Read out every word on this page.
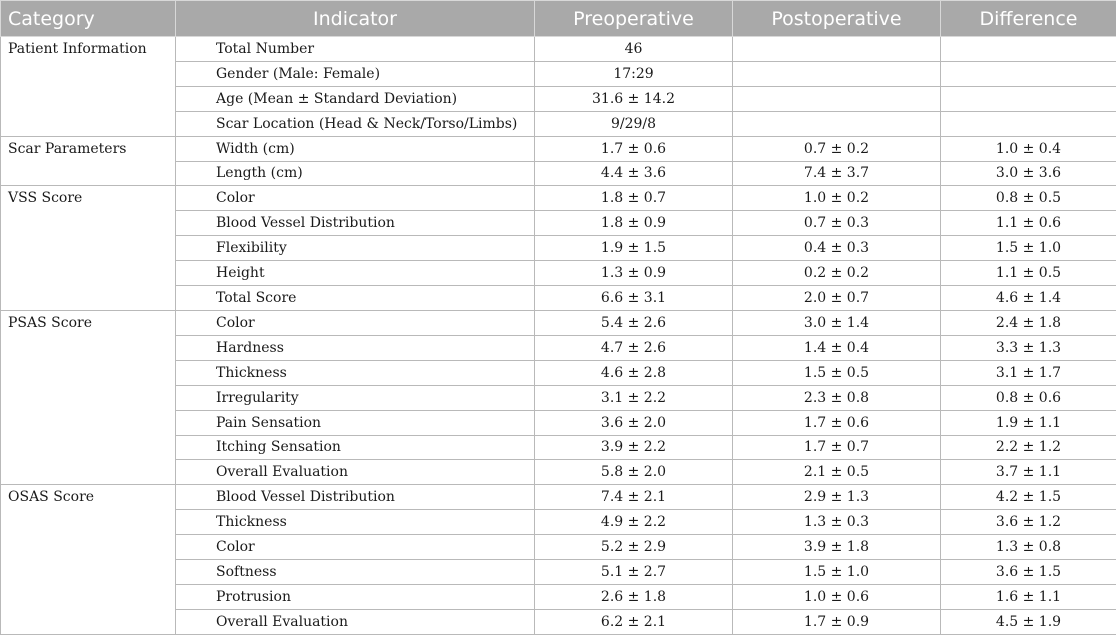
Category	Indicator	Preoperative	Postoperative	Difference
Patient Information	Total Number	46		
	Gender (Male: Female)	17:29		
	Age (Mean ± Standard Deviation)	31.6 ± 14.2		
	Scar Location (Head & Neck/Torso/Limbs)	9/29/8		
Scar Parameters	Width (cm)	1.7 ± 0.6	0.7 ± 0.2	1.0 ± 0.4
	Length (cm)	4.4 ± 3.6	7.4 ± 3.7	3.0 ± 3.6
VSS Score	Color	1.8 ± 0.7	1.0 ± 0.2	0.8 ± 0.5
	Blood Vessel Distribution	1.8 ± 0.9	0.7 ± 0.3	1.1 ± 0.6
	Flexibility	1.9 ± 1.5	0.4 ± 0.3	1.5 ± 1.0
	Height	1.3 ± 0.9	0.2 ± 0.2	1.1 ± 0.5
	Total Score	6.6 ± 3.1	2.0 ± 0.7	4.6 ± 1.4
PSAS Score	Color	5.4 ± 2.6	3.0 ± 1.4	2.4 ± 1.8
	Hardness	4.7 ± 2.6	1.4 ± 0.4	3.3 ± 1.3
	Thickness	4.6 ± 2.8	1.5 ± 0.5	3.1 ± 1.7
	Irregularity	3.1 ± 2.2	2.3 ± 0.8	0.8 ± 0.6
	Pain Sensation	3.6 ± 2.0	1.7 ± 0.6	1.9 ± 1.1
	Itching Sensation	3.9 ± 2.2	1.7 ± 0.7	2.2 ± 1.2
	Overall Evaluation	5.8 ± 2.0	2.1 ± 0.5	3.7 ± 1.1
OSAS Score	Blood Vessel Distribution	7.4 ± 2.1	2.9 ± 1.3	4.2 ± 1.5
	Thickness	4.9 ± 2.2	1.3 ± 0.3	3.6 ± 1.2
	Color	5.2 ± 2.9	3.9 ± 1.8	1.3 ± 0.8
	Softness	5.1 ± 2.7	1.5 ± 1.0	3.6 ± 1.5
	Protrusion	2.6 ± 1.8	1.0 ± 0.6	1.6 ± 1.1
	Overall Evaluation	6.2 ± 2.1	1.7 ± 0.9	4.5 ± 1.9
